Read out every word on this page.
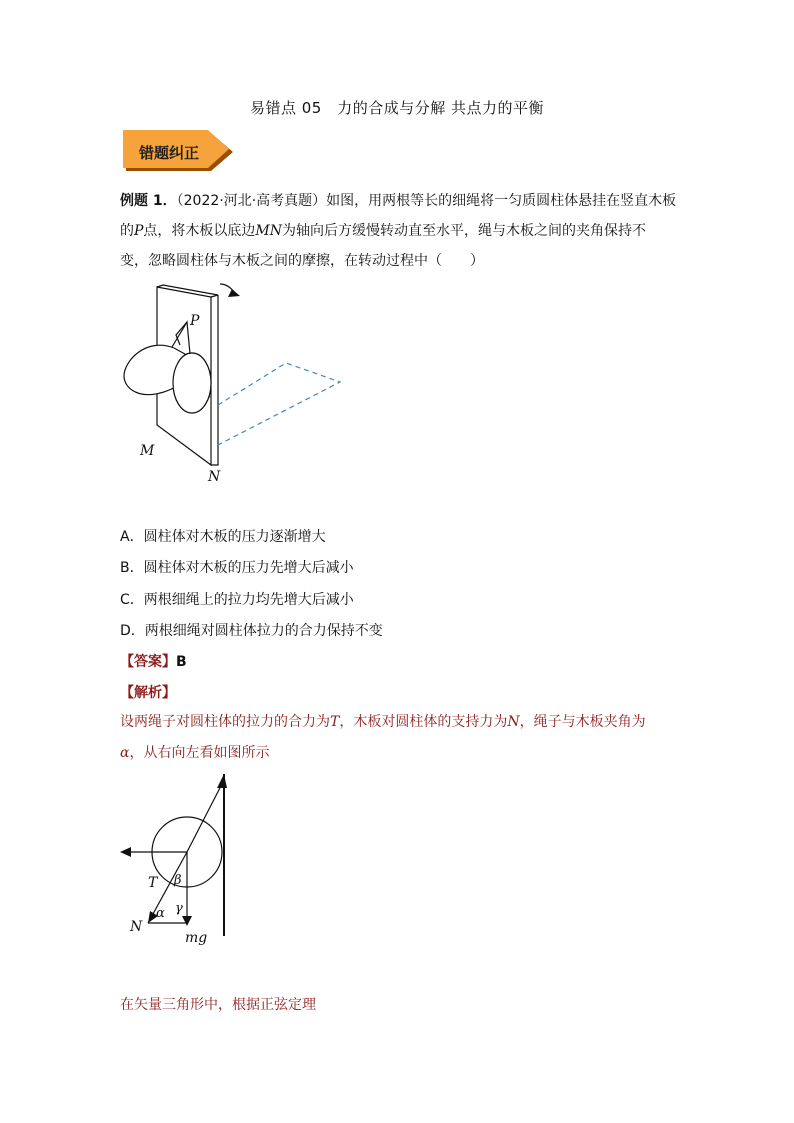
易错点 05　力的合成与分解 共点力的平衡
错题纠正
例题 1．（2022·河北·高考真题）如图，用两根等长的细绳将一匀质圆柱体悬挂在竖直木板
的P点，将木板以底边MN为轴向后方缓慢转动直至水平，绳与木板之间的夹角保持不
变，忽略圆柱体与木板之间的摩擦，在转动过程中（　　）
P
M
N
A．圆柱体对木板的压力逐渐增大
B．圆柱体对木板的压力先增大后减小
C．两根细绳上的拉力均先增大后减小
D．两根细绳对圆柱体拉力的合力保持不变
【答案】B
【解析】
设两绳子对圆柱体的拉力的合力为T，木板对圆柱体的支持力为N，绳子与木板夹角为
α，从右向左看如图所示
T β
α γ
N
mg
在矢量三角形中，根据正弦定理
